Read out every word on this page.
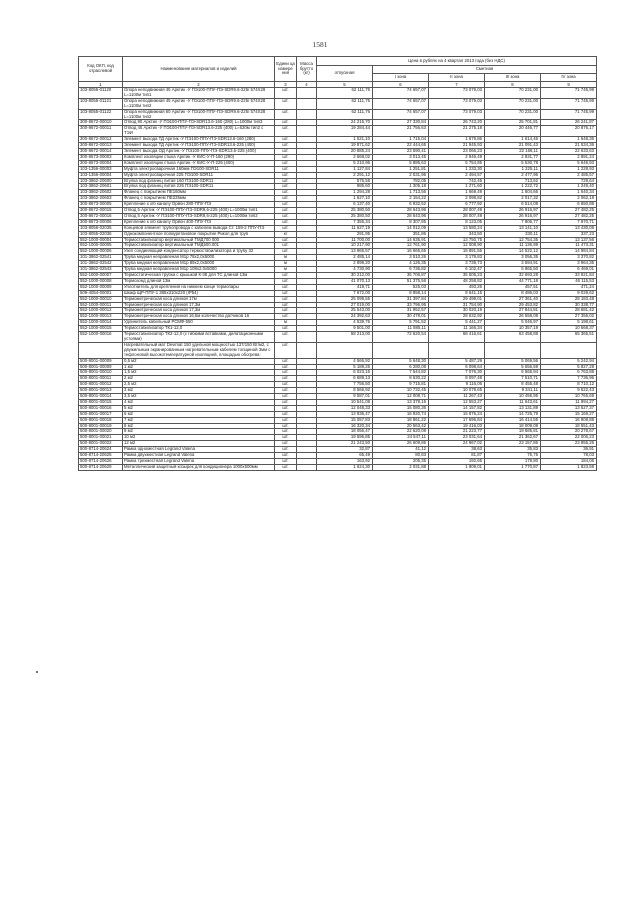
1581
Код ОКП, код отраслевой	Наименование материалов и изделий	Едини ца измере ния	Масса брутто (кг)	Цена в рублях на 4 квартал 2013 года (без НДС)				
				отпускная	Сметная			
					I зона	II зона	III зона	IV зона
1	2	3	4	5	6	7	8	9
103-8055-01120	Опора неподвижная 45 Арктик -У ПЭ100-ППУ-ПЭ-SDR9.6-225/ 574Х28 L=1100м тип1	шт.		62 111,76	74 657,07	73 079,03	70 231,00	71 745,99
103-8055-01121	Опора неподвижная 45 Арктик -У ПЭ100-ППУ-ПЭ-SDR9.6-225/ 574Х28 L=1100м тип2	шт.		62 111,76	74 657,07	73 079,03	70 231,00	71 745,99
103-8055-01122	Опора неподвижная 60 Арктик -У ПЭ100-ППУ-ПЭ-SDR9.6-225/ 574Х28 L=1100м тип2	шт.		62 111,76	74 657,07	73 079,03	70 231,00	71 745,99
300-8672-00010	Отвод 90 Арктик -У ПЭ100-ППУ-ПЭ-SDR13.6-160 (280) L=1000м тип3	шт.		24 215,70	27 330,84	26 743,20	25 701,81	26 241,87
300-8672-00011	Отвод 45 Арктик -У ПЭ100-ППУ-ПЭ-SDR13.6-225 (400) L=620м тип2 с ТЭИ	шт.		19 284,44	21 756,63	21 275,18	20 446,77	20 876,17
300-8672-00012	Элемент выхода ТД Арктик -У ПЭ100-ППУ-ПЭ-SDR13.6-160 (280)	шт.		1 521,10	1 715,04	1 679,86	1 614,46	1 648,36
300-8672-00013	Элемент выхода ТД Арктик -У ПЭ100-ППУ-ПЭ-SDR13.6-225 (400)	шт.		19 871,62	22 444,65	21 945,93	21 091,43	21 534,36
300-8672-00014	Элемент выхода ОД Арктик -У ПЭ100-ППУ-ПЭ-SDR13.6-225 (400)	шт.		20 885,24	23 590,41	23 066,23	22 168,11	22 633,63
300-8673-00003	Комплект изоляции стыка Арктик -У КИС-У-П-160 (280)	шт.		2 668,02	3 013,45	2 946,49	2 831,77	2 891,24
300-8673-00004	Комплект изоляции стыка Арктик -У КИС-У-П-225 (400)	шт.		5 210,96	5 885,63	5 754,85	5 530,78	5 646,93
103-1356-00003	Муфта электросварочная 160мм ПЭ100-SDR11	шт.		1 127,84	1 251,81	1 233,30	1 225,11	1 228,93
103-1356-00004	Муфта электросварочная 225 ПЭ100-SDR11	шт.		2 291,12	2 531,96	2 494,57	2 477,96	2 485,57
103-3862-20600	Втулка под фланец литая 160 ПЭ100-SDR11	шт.		575,58	782,05	742,45	713,62	729,64
103-3862-20601	Втулка под фланец литая 225 ПЭ100-SDR11	шт.		985,60	1 305,18	1 271,60	1 222,72	1 249,40
103-3862-20602	Фланец с покрытием ПЕ160мм	шт.		1 294,28	1 713,56	1 669,49	1 604,66	1 640,34
103-3862-20603	Фланец с покрытием ПЕ225мм	шт.		1 627,10	2 154,22	2 098,82	2 017,32	2 062,18
300-8673-00005	Крепление к х/б каналу Орйон 280-ППУ-ПЭ	шт.		6 137,40	6 932,52	6 777,92	6 514,08	6 650,88
300-8672-00015	Отвод 5 Арктик -У ПЭ100-ППУ-ПЭ-SDR9,6-225 (400) L=1000м тип1	шт.		25 380,50	28 643,96	28 007,49	26 916,97	27 482,25
300-8672-00016	Отвод 5 Арктик -У ПЭ100-ППУ-ПЭ-SDR9,6-225 (400) L=1000м тип2	шт.		25 380,50	28 643,96	28 007,49	26 916,97	27 482,25
300-8673-00006	Крепление к х/б каналу Орйон 400-ППУ-ПЭ	шт.		7 355,34	8 307,85	8 123,05	7 806,77	7 970,71
103-8056-02035	Концевой элемент трубопровода с кабелем вывода Ст. 159-2 ППУ-ПЭ	шт.		11 627,19	14 012,09	13 580,24	13 141,10	13 430,08
103-8055-02036	Однокомпонентное полиуретановое покрытие Рикол для труб	кг		291,95	351,86	343,50	330,11	337,23
552-1000-00004	Термостабилизатор вертикальный ТМД700 000	шт.		11 700,00	14 635,91	13 750,75	12 754,35	13 137,56
552-1000-00005	Термостабилизатор вертикальный ТМД500.001	шт.		10 217,90	12 761,90	12 008,90	11 136,99	11 473,31
552-1000-00006	Узел соединяющий конденсатор термостабилизатора и трубу 32	шт.		13 965,57	16 665,65	15 891,55	14 522,12	14 984,84
101-3862-02541	Труба медная неправленая М1р 78х2,0х5000	м		2 485,14	3 510,26	3 179,83	3 056,35	3 370,82
101-3862-02542	Труба медная неправленая М1р 89х2,0х5000	м		2 899,20	4 126,35	3 739,73	3 594,91	3 964,35
101-3862-02543	Труба медная неправленая М1р 108х2,0х5000	м		4 730,90	6 736,82	6 102,47	5 865,50	6 469,01
552-1000-00007	Термостатическая трубка с крышкой К-38 для ТС длиной 13м	шт.		30 212,00	35 706,87	35 505,23	32 693,28	33 921,84
552-1000-00008	Термозонд длиной 13м	шт.		41 070,13	51 375,56	48 258,82	44 771,18	46 115,53
552-1000-00009	Уплотнитель для крепления на нижнем конце термопары	шт.		419,71	525,03	493,26	457,51	471,24
509-4054-00001	Шкаф ЩР-ППУ-1 385х310х220 (IP54)	шт.		7 672,00	8 858,14	8 641,15	8 486,03	9 029,62
552-1000-00010	Термометрическая коса длиной 17м	шт.		25 099,55	31 397,84	29 499,01	27 361,40	28 183,48
552-1000-00011	Термометрическая коса длиной 17,3м	шт.		27 019,00	33 796,95	31 754,90	29 453,82	30 338,77
552-1000-00012	Термометрическая коса длиной 17,3м	шт.		25 543,00	31 952,57	30 020,19	27 844,81	28 681,42
552-1000-00013	Термометрическая коса длиной 16,5м количество датчиков 16	шт.		24 392,63	30 478,01	28 632,92	26 558,08	27 356,02
552-1000-00014	Удлинитель кабельный РСМФ-550	м		4 539,76	5 791,52	5 441,27	5 046,97	5 198,61
552-1000-00015	Термостабилизатор ТК1-12,0	шт.		9 501,00	11 885,11	11 166,34	10 357,19	10 668,37
552-1000-00016	Термостабилизатор ТК2-12,0 (с гибкими вставками, дилатационными устоями)	шт.		58 213,00	72 620,54	68 416,61	63 458,88	65 365,51
	Нагревательный мат Devimat 150 удельной мощностью 137/150 Вт/м2, с двужильным экранированным нагревательным кабелем толщиной 3мм с тефлоновой высокотемпературной изоляцией, площадью обогрева:	шт.						
500-8001-00009	0,5 м2	шт.		4 566,92	5 648,30	5 487,29	5 069,56	5 242,94
500-8001-00009	1 м2	шт.		5 189,26	6 280,08	6 098,64	5 656,59	5 827,28
500-8001-00010	1,5 м2	шт.		6 023,16	7 544,82	7 076,30	6 565,94	6 763,88
500-8001-00011	2 м2	шт.		6 689,13	8 630,22	8 097,48	7 510,71	7 736,96
500-8001-00012	2,5 м2	шт.		7 756,50	9 715,81	9 116,06	8 455,48	8 710,12
500-8001-00013	3 м2	шт.		8 566,92	10 732,45	10 079,65	9 341,11	9 622,43
500-8001-00014	3,5 м2	шт.		9 587,01	12 008,71	11 267,43	10 456,95	10 765,69
500-8001-00015	4 м2	шт.		10 541,08	13 379,15	12 553,27	11 643,61	11 994,27
500-8001-00016	5 м2	шт.		12 048,33	15 080,36	14 157,82	13 131,89	13 527,37
500-8001-00017	6 м2	шт.		13 936,47	16 920,74	15 876,24	14 725,79	15 169,27
500-8001-00018	7 м2	шт.		15 057,83	18 861,22	17 696,84	16 414,55	16 908,88
500-8001-00019	8 м2	шт.		16 320,34	20 563,42	19 416,03	18 009,08	18 551,43
500-8001-00020	9 м2	шт.		18 056,47	22 620,08	21 223,77	19 685,81	20 278,67
500-8001-00021	10 м2	шт.		19 596,85	24 547,11	23 031,64	21 362,67	22 006,23
500-8001-00022	12 м2	шт.		21 243,50	26 609,86	24 967,02	23 157,86	23 855,26
500-8714-20624	Рамка одноместная Legrand Valena	шт.		32,87	41,12	38,63	35,83	36,91
500-8714-20625	Рамка двухместная Legrand Valena	шт.		65,49	80,83	81,87	75,75	78,03
500-8714-20626	Рамка трехместная Legrand Valena	шт.		163,92	205,35	192,65	178,80	184,06
500-8714-20629	Металлический защитный козырек для кондиционера 1000х500мм	шт.		1 624,30	2 031,88	1 909,01	1 770,87	1 823,58
